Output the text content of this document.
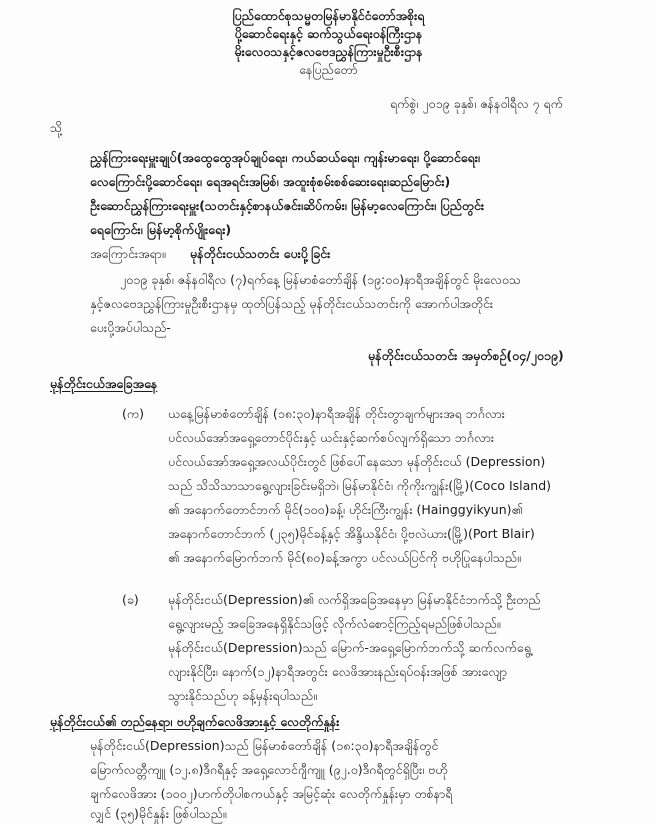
ပြည်ထောင်စုသမ္မတမြန်မာနိုင်ငံတော်အစိုးရ
ပို့ဆောင်ရေးနှင့် ဆက်သွယ်ရေးဝန်ကြီးဌာန
မိုးလေဝသနှင့်ဇလဗေဒညွှန်ကြားမှုဦးစီးဌာန
နေပြည်တော်
ရက်စွဲ၊ ၂၀၁၉ ခုနှစ်၊ ဇန်နဝါရီလ ၇ ရက်
သို့
ညွှန်ကြားရေးမှူးချုပ်(အထွေထွေအုပ်ချုပ်ရေး၊ ကယ်ဆယ်ရေး၊ ကျန်းမာရေး၊ ပို့ဆောင်ရေး၊
လေကြောင်းပို့ဆောင်ရေး၊ ရေအရင်းအမြစ်၊ အထူးစုံစမ်းစစ်ဆေးရေး၊ဆည်မြောင်း)
ဦးဆောင်ညွှန်ကြားရေးမှူး(သတင်းနှင့်စာနယ်ဇင်း၊ဆိပ်ကမ်း၊ မြန်မာ့လေကြောင်း၊ ပြည်တွင်း
ရေကြောင်း၊ မြန်မာ့စိုက်ပျိုးရေး)
အကြောင်းအရာ။ မုန်တိုင်းငယ်သတင်း ပေးပို့ခြင်း
၂၀၁၉ ခုနှစ်၊ ဇန်နဝါရီလ (၇)ရက်နေ့ မြန်မာစံတော်ချိန် (၁၉:၀၀)နာရီအချိန်တွင် မိုးလေဝသ
နှင့်ဇလဗေဒညွှန်ကြားမှုဦးစီးဌာနမှ ထုတ်ပြန်သည့် မုန်တိုင်းငယ်သတင်းကို အောက်ပါအတိုင်း
ပေးပို့အပ်ပါသည်-
မုန်တိုင်းငယ်သတင်း အမှတ်စဉ်(၀၄/၂၀၁၉)
မုန်တိုင်းငယ်အခြေအနေ
(က) ယနေ့မြန်မာစံတော်ချိန် (၁၈:၃၀)နာရီအချိန် တိုင်းတွာချက်များအရ ဘင်္ဂလား
ပင်လယ်အော်အရှေ့တောင်ပိုင်းနှင့် ယင်းနှင့်ဆက်စပ်လျက်ရှိသော ဘင်္ဂလား
ပင်လယ်အော်အရှေ့အလယ်ပိုင်းတွင် ဖြစ်ပေါ်နေသော မုန်တိုင်းငယ် (Depression)
သည် သိသိသာသာရွေ့လျားခြင်းမရှိဘဲ၊ မြန်မာနိုင်ငံ၊ ကိုကိုးကျွန်း(မြို့)(Coco Island)
၏ အနောက်တောင်ဘက် မိုင်(၁၀၀)ခန့်၊ ဟိုင်းကြီးကျွန်း (Hainggyikyun)၏
အနောက်တောင်ဘက် (၂၃၅)မိုင်ခန့်နှင့် အိန္ဒိယနိုင်ငံ၊ ပို့ဗလဲယား(မြို့)(Port Blair)
၏ အနောက်မြောက်ဘက် မိုင်(၈၀)ခန့်အကွာ ပင်လယ်ပြင်ကို ဗဟိုပြုနေပါသည်။
(ခ) မုန်တိုင်းငယ်(Depression)၏ လက်ရှိအခြေအနေမှာ မြန်မာနိုင်ငံဘက်သို့ ဦးတည်
ရွေ့လျားမည့် အခြေအနေရှိနိုင်သဖြင့် လိုက်လံစောင့်ကြည့်ရမည်ဖြစ်ပါသည်။
မုန်တိုင်းငယ်(Depression)သည် မြောက်-အရှေ့မြောက်ဘက်သို့ ဆက်လက်ရွေ့
လျားနိုင်ပြီး၊ နောက်(၁၂)နာရီအတွင်း လေဖိအားနည်းရပ်ဝန်းအဖြစ် အားလျော့
သွားနိုင်သည်ဟု ခန့်မှန်းရပါသည်။
မုန်တိုင်းငယ်၏ တည်နေရာ၊ ဗဟိုချက်လေဖိအားနှင့် လေတိုက်နှုန်း
မုန်တိုင်းငယ်(Depression)သည် မြန်မာစံတော်ချိန် (၁၈:၃၀)နာရီအချိန်တွင်
မြောက်လတ္တီကျူ (၁၂.၈)ဒီဂရီနှင့် အရှေ့လောင်ဂျီကျူ (၉၂.၀)ဒီဂရီတွင်ရှိပြီး၊ ဗဟို
ချက်လေဖိအား (၁၀၀၂)ဟက်တိုပါစကယ်နှင့် အမြင့်ဆုံး လေတိုက်နှုန်းမှာ တစ်နာရီ
လျှင် (၃၅)မိုင်နှုန်း ဖြစ်ပါသည်။
